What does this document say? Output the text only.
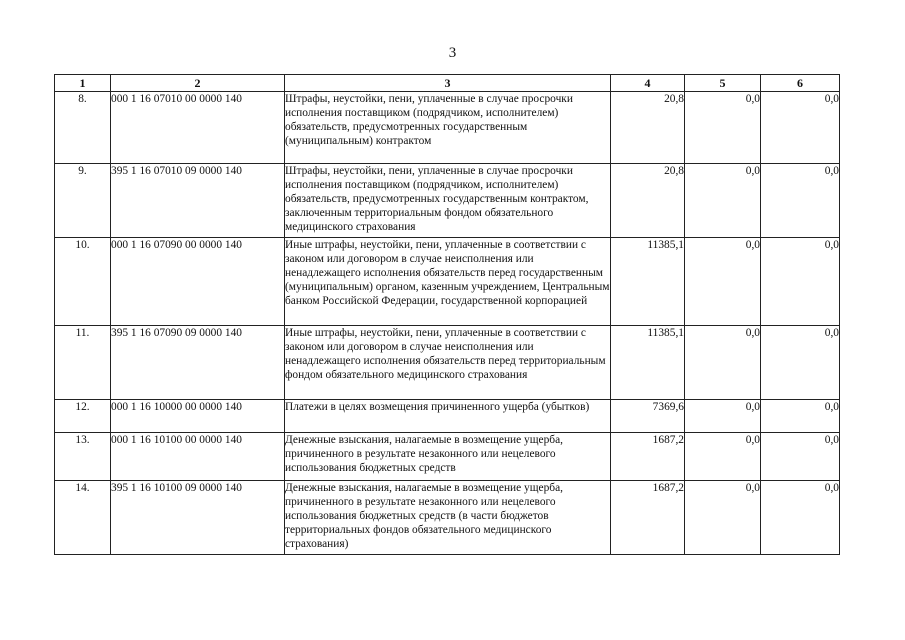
3
1	2	3	4	5	6
8.	000 1 16 07010 00 0000 140	Штрафы, неустойки, пени, уплаченные в случае просрочки исполнения поставщиком (подрядчиком, исполнителем) обязательств, предусмотренных государственным (муниципальным) контрактом	20,8	0,0	0,0
9.	395 1 16 07010 09 0000 140	Штрафы, неустойки, пени, уплаченные в случае просрочки исполнения поставщиком (подрядчиком, исполнителем) обязательств, предусмотренных государственным контрактом, заключенным территориальным фондом обязательного медицинского страхования	20,8	0,0	0,0
10.	000 1 16 07090 00 0000 140	Иные штрафы, неустойки, пени, уплаченные в соответствии с законом или договором в случае неисполнения или ненадлежащего исполнения обязательств перед государственным (муниципальным) органом, казенным учреждением, Центральным банком Российской Федерации, государственной корпорацией	11385,1	0,0	0,0
11.	395 1 16 07090 09 0000 140	Иные штрафы, неустойки, пени, уплаченные в соответствии с законом или договором в случае неисполнения или ненадлежащего исполнения обязательств перед территориальным фондом обязательного медицинского страхования	11385,1	0,0	0,0
12.	000 1 16 10000 00 0000 140	Платежи в целях возмещения причиненного ущерба (убытков)	7369,6	0,0	0,0
13.	000 1 16 10100 00 0000 140	Денежные взыскания, налагаемые в возмещение ущерба, причиненного в результате незаконного или нецелевого использования бюджетных средств	1687,2	0,0	0,0
14.	395 1 16 10100 09 0000 140	Денежные взыскания, налагаемые в возмещение ущерба, причиненного в результате незаконного или нецелевого использования бюджетных средств (в части бюджетов территориальных фондов обязательного медицинского страхования)	1687,2	0,0	0,0
